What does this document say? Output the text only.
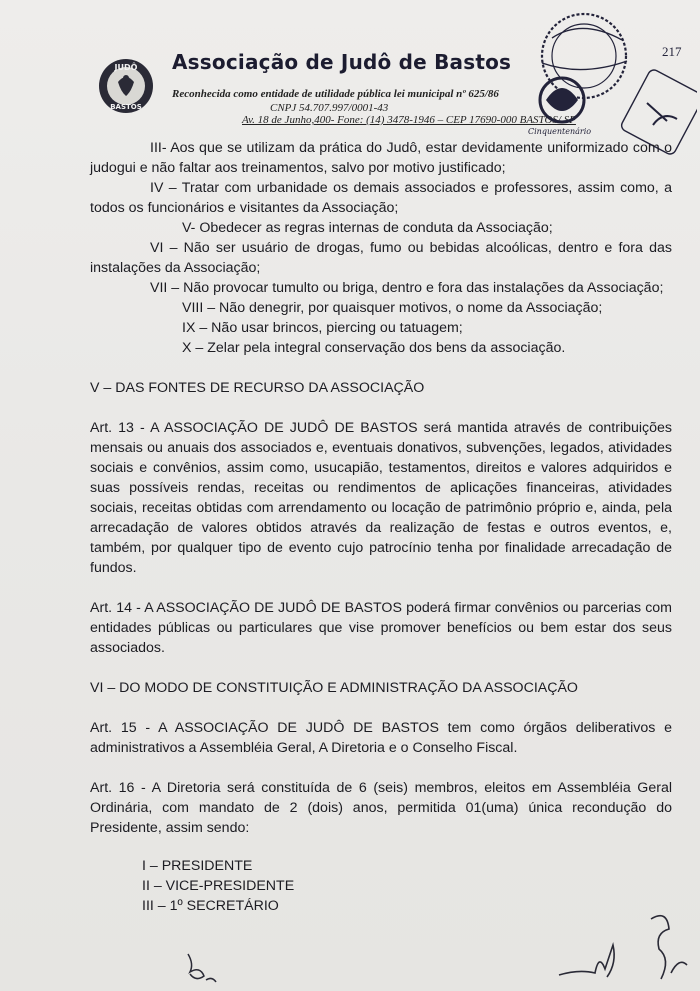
JUDÔ
BASTOS
Associação de Judô de Bastos
Reconhecida como entidade de utilidade pública lei municipal nº 625/86
CNPJ 54.707.997/0001-43
Av. 18 de Junho,400- Fone: (14) 3478-1946 – CEP 17690-000 BASTOS/ SP
217
Cinquentenário

III- Aos que se utilizam da prática do Judô, estar devidamente uniformizado com o judogui e não faltar aos treinamentos, salvo por motivo justificado;

IV – Tratar com urbanidade os demais associados e professores, assim como, a todos os funcionários e visitantes da Associação;

V- Obedecer as regras internas de conduta da Associação;

VI – Não ser usuário de drogas, fumo ou bebidas alcoólicas, dentro e fora das instalações da Associação;

VII – Não provocar tumulto ou briga, dentro e fora das instalações da Associação;

VIII – Não denegrir, por quaisquer motivos, o nome da Associação;

IX – Não usar brincos, piercing ou tatuagem;

X – Zelar pela integral conservação dos bens da associação.

V – DAS FONTES DE RECURSO DA ASSOCIAÇÃO

Art. 13 - A ASSOCIAÇÃO DE JUDÔ DE BASTOS será mantida através de contribuições mensais ou anuais dos associados e, eventuais donativos, subvenções, legados, atividades sociais e convênios, assim como, usucapião, testamentos, direitos e valores adquiridos e suas possíveis rendas, receitas ou rendimentos de aplicações financeiras, atividades sociais, receitas obtidas com arrendamento ou locação de patrimônio próprio e, ainda, pela arrecadação de valores obtidos através da realização de festas e outros eventos, e, também, por qualquer tipo de evento cujo patrocínio tenha por finalidade arrecadação de fundos.

Art. 14 - A ASSOCIAÇÃO DE JUDÔ DE BASTOS poderá firmar convênios ou parcerias com entidades públicas ou particulares que vise promover benefícios ou bem estar dos seus associados.

VI – DO MODO DE CONSTITUIÇÃO E ADMINISTRAÇÃO DA ASSOCIAÇÃO

Art. 15 - A ASSOCIAÇÃO DE JUDÔ DE BASTOS tem como órgãos deliberativos e administrativos a Assembléia Geral, A Diretoria e o Conselho Fiscal.

Art. 16 - A Diretoria será constituída de 6 (seis) membros, eleitos em Assembléia Geral Ordinária, com mandato de 2 (dois) anos, permitida 01(uma) única recondução do Presidente, assim sendo:

I – PRESIDENTE

II – VICE-PRESIDENTE

III – 1º SECRETÁRIO
